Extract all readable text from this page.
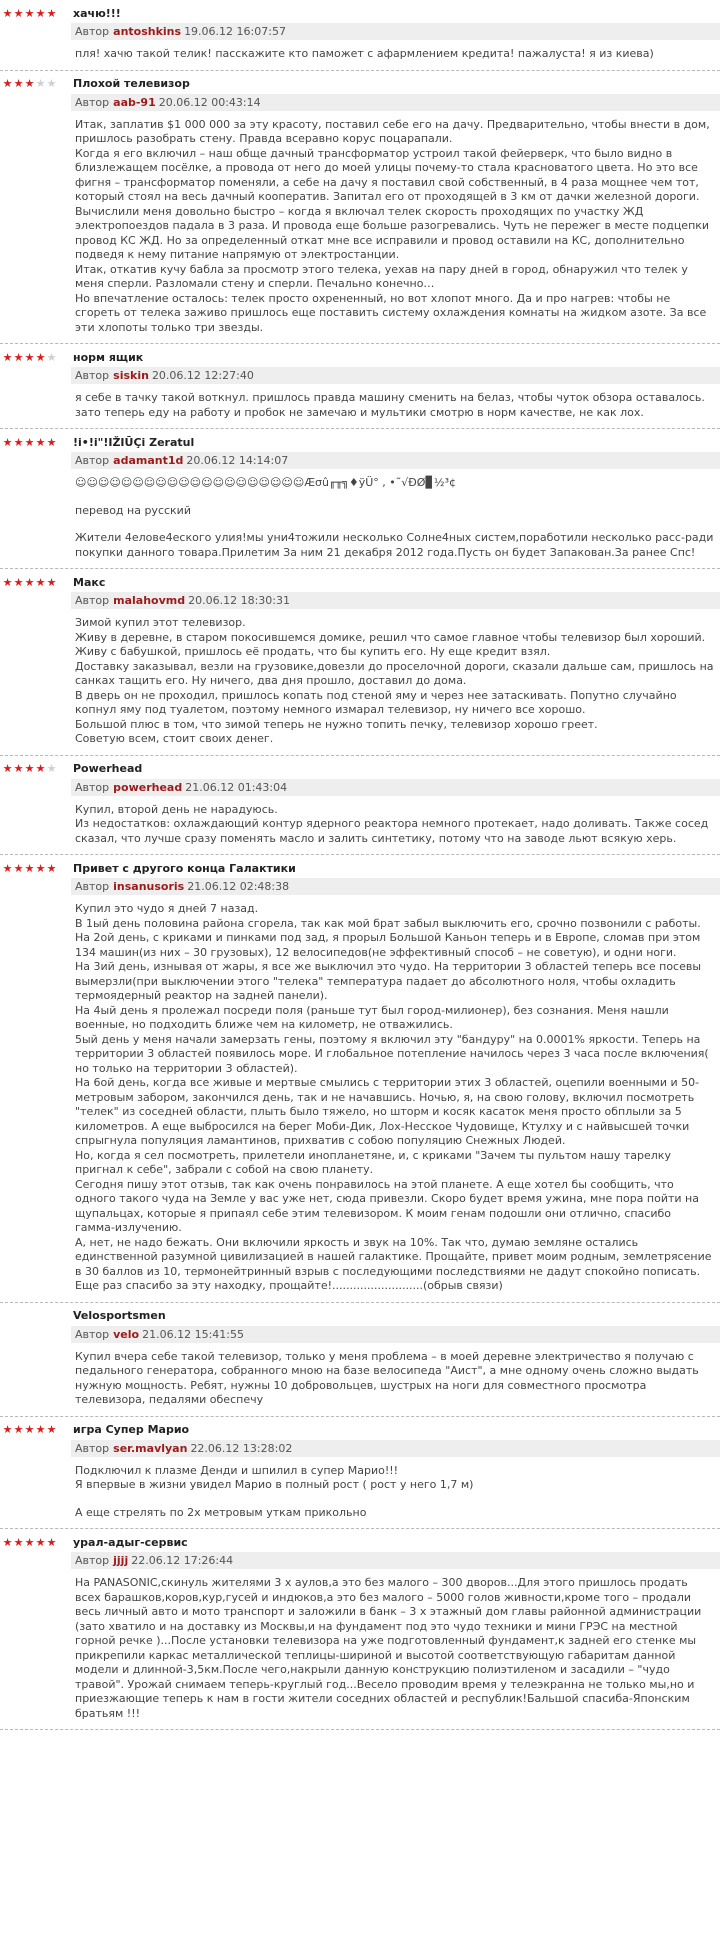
★ ★ ★ ★ ★ хачю!!!
Автор antoshkins 19.06.12 16:07:57

пля! хачю такой телик! пасскажите кто паможет с афармлением кредита! пажалуста! я из киева)

★ ★ ★ ★ ★ Плохой телевизор
Автор aab-91 20.06.12 00:43:14

Итак, заплатив $1 000 000 за эту красоту, поставил себе его на дачу. Предварительно, чтобы внести в дом, пришлось разобрать стену. Правда всеравно корус поцарапали.
Когда я его включил – наш обще дачный трансформатор устроил такой фейерверк, что было видно в близлежащем посёлке, а провода от него до моей улицы почему-то стала красноватого цвета. Но это все фигня – трансформатор поменяли, а себе на дачу я поставил свой собственный, в 4 раза мощнее чем тот, который стоял на весь дачный кооператив. Запитал его от проходящей в 3 км от дачки железной дороги.
Вычислили меня довольно быстро – когда я включал телек скорость проходящих по участку ЖД электропоездов падала в 3 раза. И провода еще больше разогревались. Чуть не пережег в месте подцепки провод КС ЖД. Но за определенный откат мне все исправили и провод оставили на КС, дополнительно подведя к нему питание напрямую от электростанции.
Итак, откатив кучу бабла за просмотр этого телека, уехав на пару дней в город, обнаружил что телек у меня сперли. Разломали стену и сперли. Печально конечно…
Но впечатление осталось: телек просто охрененный, но вот хлопот много. Да и про нагрев: чтобы не сгореть от телека заживо пришлось еще поставить систему охлаждения комнаты на жидком азоте. За все эти хлопоты только три звезды.

★ ★ ★ ★ ★ норм ящик
Автор siskin 20.06.12 12:27:40

я себе в тачку такой воткнул. пришлось правда машину сменить на белаз, чтобы чуток обзора оставалось. зато теперь еду на работу и пробок не замечаю и мультики смотрю в норм качестве, не как лох.

★ ★ ★ ★ ★ !i•!i"!ІŽIŪÇi Zeratul
Автор adamant1d 20.06.12 14:14:07

☺☺☺☺☺☺☺☺☺☺☺☺☺☺☺☺☺☺☺☺Æσû╓╥╗♦ÿÜ° , •˜√ÐØ▊½³¢

перевод на русский

Жители 4елове4еского улия!мы уни4тожили несколько Солне4ных систем,поработили несколько расс-ради покупки данного товара.Прилетим За ним 21 декабря 2012 года.Пусть он будет Запакован.За ранее Спс!

★ ★ ★ ★ ★ Макс
Автор malahovmd 20.06.12 18:30:31

Зимой купил этот телевизор.
Живу в деревне, в старом покосившемся домике, решил что самое главное чтобы телевизор был хороший.
Живу с бабушкой, пришлось её продать, что бы купить его. Ну еще кредит взял.
Доставку заказывал, везли на грузовике,довезли до проселочной дороги, сказали дальше сам, пришлось на санках тащить его. Ну ничего, два дня прошло, доставил до дома.
В дверь он не проходил, пришлось копать под стеной яму и через нее затаскивать. Попутно случайно копнул яму под туалетом, поэтому немного измарал телевизор, ну ничего все хорошо.
Большой плюс в том, что зимой теперь не нужно топить печку, телевизор хорошо греет.
Советую всем, стоит своих денег.

★ ★ ★ ★ ★ Powerhead
Автор powerhead 21.06.12 01:43:04

Купил, второй день не нарадуюсь.
Из недостатков: охлаждающий контур ядерного реактора немного протекает, надо доливать. Также сосед сказал, что лучше сразу поменять масло и залить синтетику, потому что на заводе льют всякую херь.

★ ★ ★ ★ ★ Привет с другого конца Галактики
Автор insanusoris 21.06.12 02:48:38

Купил это чудо я дней 7 назад.
В 1ый день половина района сгорела, так как мой брат забыл выключить его, срочно позвонили с работы.
На 2ой день, с криками и пинками под зад, я прорыл Большой Каньон теперь и в Европе, сломав при этом 134 машин(из них – 30 грузовых), 12 велосипедов(не эффективный способ – не советую), и одни ноги.
На 3ий день, изнывая от жары, я все же выключил это чудо. На территории 3 областей теперь все посевы вымерзли(при выключении этого "телека" температура падает до абсолютного ноля, чтобы охладить термоядерный реактор на задней панели).
На 4ый день я пролежал посреди поля (раньше тут был город-милионер), без сознания. Меня нашли военные, но подходить ближе чем на километр, не отважились.
5ый день у меня начали замерзать гены, поэтому я включил эту "бандуру" на 0.0001% яркости. Теперь на территории 3 областей появилось море. И глобальное потепление начилось через 3 часа после включения( но только на территории 3 областей).
На 6ой день, когда все живые и мертвые смылись с территории этих 3 областей, оцепили военными и 50-метровым забором, закончился день, так и не начавшись. Ночью, я, на свою голову, включил посмотреть "телек" из соседней области, плыть было тяжело, но шторм и косяк касаток меня просто обплыли за 5 километров. А еще выбросился на берег Моби-Дик, Лох-Несское Чудовище, Ктулху и с найвысшей точки спрыгнула популяция ламантинов, прихватив с собою популяцию Снежных Людей.
Но, когда я сел посмотреть, прилетели инопланетяне, и, с криками "Зачем ты пультом нашу тарелку пригнал к себе", забрали с собой на свою планету.
Сегодня пишу этот отзыв, так как очень понравилось на этой планете. А еще хотел бы сообщить, что одного такого чуда на Земле у вас уже нет, сюда привезли. Скоро будет время ужина, мне пора пойти на щупальцах, которые я припаял себе этим телевизором. К моим генам подошли они отлично, спасибо гамма-излучению.
А, нет, не надо бежать. Они включили яркость и звук на 10%. Так что, думаю земляне остались единственной разумной цивилизацией в нашей галактике. Прощайте, привет моим родным, землетрясение в 30 баллов из 10, термонейтринный взрыв с последующими последствиями не дадут спокойно пописать. Еще раз спасибо за эту находку, прощайте!..........................(обрыв связи)

Velosportsmen
Автор velo 21.06.12 15:41:55

Купил вчера себе такой телевизор, только у меня проблема – в моей деревне электричество я получаю с педального генератора, собранного мною на базе велосипеда "Аист", а мне одному очень сложно выдать нужную мощность. Ребят, нужны 10 добровольцев, шустрых на ноги для совместного просмотра телевизора, педалями обеспечу

★ ★ ★ ★ ★ игра Супер Марио
Автор ser.mavlyan 22.06.12 13:28:02

Подключил к плазме Денди и шпилил в супер Марио!!!
Я впервые в жизни увидел Марио в полный рост ( рост у него 1,7 м)

А еще стрелять по 2х метровым уткам прикольно

★ ★ ★ ★ ★ урал-адыг-сервис
Автор jjjj 22.06.12 17:26:44

На PANASONIC,скинуль жителями 3 х аулов,а это без малого – 300 дворов...Для этого пришлось продать всех барашков,коров,кур,гусей и индюков,а это без малого – 5000 голов живности,кроме того – продали весь личный авто и мото транспорт и заложили в банк – 3 х этажный дом главы районной администрации (зато хватило и на доставку из Москвы,и на фундамент под это чудо техники и мини ГРЭС на местной горной речке )...После установки телевизора на уже подготовленный фундамент,к задней его стенке мы прикрепили каркас металлической теплицы-шириной и высотой соответствующую габаритам данной модели и длинной-3,5км.После чего,накрыли данную конструкцию полиэтиленом и засадили – "чудо травой". Урожай снимаем теперь-круглый год...Весело проводим время у телеэкранна не только мы,но и приезжающие теперь к нам в гости жители соседних областей и республик!Бальшой спасиба-Японским братьям !!!
